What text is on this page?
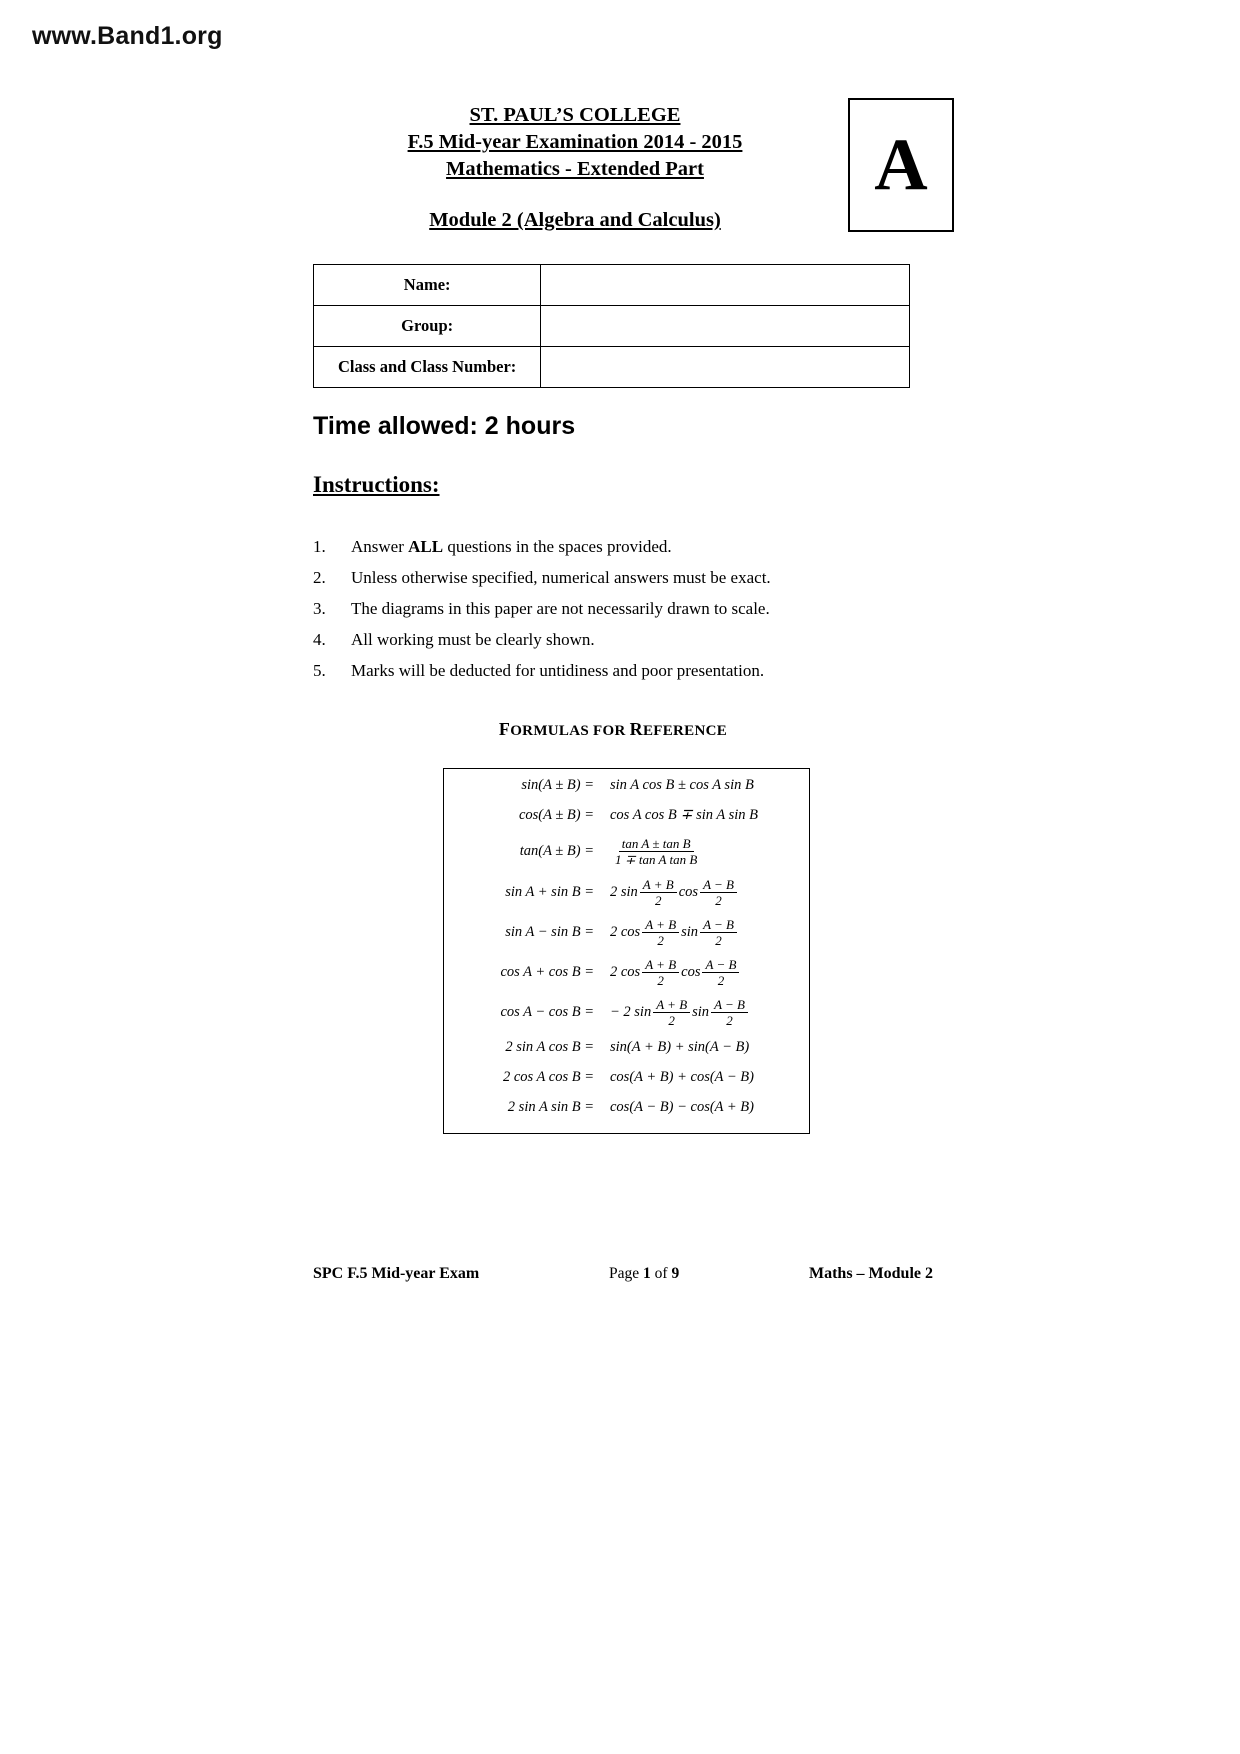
www.Band1.org
ST. PAUL’S COLLEGE
F.5 Mid-year Examination 2014 - 2015
Mathematics - Extended Part
Module 2 (Algebra and Calculus)
A
Name:	
Group:	
Class and Class Number:	
Time allowed: 2 hours
Instructions:
1.	Answer ALL questions in the spaces provided.
2.	Unless otherwise specified, numerical answers must be exact.
3.	The diagrams in this paper are not necessarily drawn to scale.
4.	All working must be clearly shown.
5.	Marks will be deducted for untidiness and poor presentation.
FORMULAS FOR REFERENCE
sin(A ± B) =	sin A cos B ± cos A sin B
cos(A ± B) =	cos A cos B ∓ sin A sin B
tan(A ± B) =	$\frac{\text{tan A ± tan B}}{\text{1 ∓ tan A tan B}}$
sin A + sin B =	2 $\sin \frac{A + B}{2}$ $\cos \frac{A - B}{2}$
sin A − sin B =	2 $\cos \frac{A + B}{2}$ $\sin \frac{A - B}{2}$
cos A + cos B =	2 $\cos \frac{A + B}{2}$ $\cos \frac{A - B}{2}$
cos A − cos B =	− 2 $\sin \frac{A + B}{2}$ $\sin \frac{A - B}{2}$
2 sin A cos B =	sin(A + B) + sin(A − B)
2 cos A cos B =	cos(A + B) + cos(A − B)
2 sin A sin B =	cos(A − B) − cos(A + B)
SPC F.5 Mid-year Exam	Page 1 of 9	Maths – Module 2
